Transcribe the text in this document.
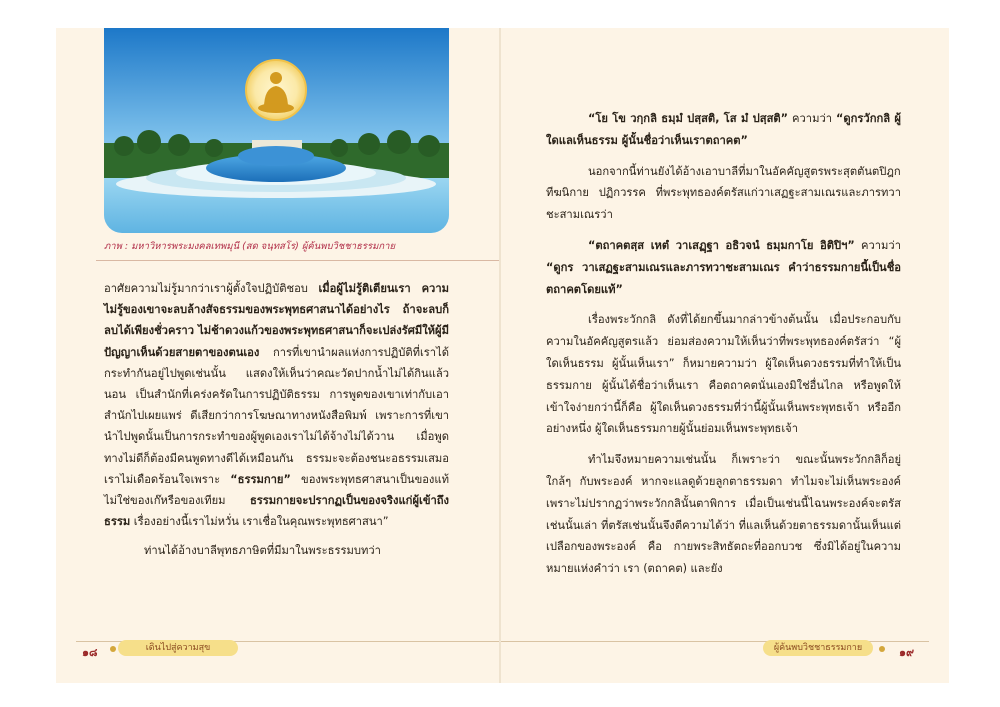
ภาพ : มหาวิหารพระมงคลเทพมุนี (สด จนฺทสโร) ผู้ค้นพบวิชชาธรรมกาย

อาศัยความไม่รู้มากว่าเราผู้ตั้งใจปฏิบัติชอบ เมื่อผู้ไม่รู้ติเตียนเรา ความไม่รู้ของเขาจะลบล้างสัจธรรมของพระพุทธศาสนาได้อย่างไร ถ้าจะลบก็ลบได้เพียงชั่วคราว ไม่ช้าดวงแก้วของพระพุทธศาสนาก็จะเปล่งรัศมีให้ผู้มีปัญญาเห็นด้วยสายตาของตนเอง การที่เขานำผลแห่งการปฏิบัติที่เราได้กระทำกันอยู่ไปพูดเช่นนั้น แสดงให้เห็นว่าคณะวัดปากน้ำไม่ได้กินแล้วนอน เป็นสำนักที่เคร่งครัดในการปฏิบัติธรรม การพูดของเขาเท่ากับเอาสำนักไปเผยแพร่ ดีเสียกว่าการโฆษณาทางหนังสือพิมพ์ เพราะการที่เขานำไปพูดนั้นเป็นการกระทำของผู้พูดเองเราไม่ได้จ้างไม่ได้วาน เมื่อพูดทางไม่ดีก็ต้องมีคนพูดทางดีได้เหมือนกัน ธรรมะจะต้องชนะอธรรมเสมอ เราไม่เดือดร้อนใจเพราะ “ธรรมกาย” ของพระพุทธศาสนาเป็นของแท้ไม่ใช่ของเก๊หรือของเทียม ธรรมกายจะปรากฏเป็นของจริงแก่ผู้เข้าถึงธรรม เรื่องอย่างนี้เราไม่หวั่น เราเชื่อในคุณพระพุทธศาสนา”

ท่านได้อ้างบาลีพุทธภาษิตที่มีมาในพระธรรมบทว่า

๑๘	เดินไปสู่ความสุข

“โย โข วกฺกลิ ธมฺมํ ปสฺสติ, โส มํ ปสฺสติ” ความว่า “ดูกรวักกลิ ผู้ใดแลเห็นธรรม ผู้นั้นชื่อว่าเห็นเราตถาคต”

นอกจากนี้ท่านยังได้อ้างเอาบาลีที่มาในอัคคัญสูตรพระสุตตันตปิฎก ทีฆนิกาย ปฏิกวรรค ที่พระพุทธองค์ตรัสแก่วาเสฏฐะสามเณรและภารทวาชะสามเณรว่า

“ตถาคตสฺส เหตํ วาเสฏฺฐา อธิวจนํ ธมฺมกาโย อิติปิฯ” ความว่า “ดูกร วาเสฏฐะสามเณรและภารทวาชะสามเณร คำว่าธรรมกายนี้เป็นชื่อตถาคตโดยแท้”

เรื่องพระวักกลิ ดังที่ได้ยกขึ้นมากล่าวข้างต้นนั้น เมื่อประกอบกับความในอัคคัญสูตรแล้ว ย่อมส่องความให้เห็นว่าที่พระพุทธองค์ตรัสว่า “ผู้ใดเห็นธรรม ผู้นั้นเห็นเรา” ก็หมายความว่า ผู้ใดเห็นดวงธรรมที่ทำให้เป็นธรรมกาย ผู้นั้นได้ชื่อว่าเห็นเรา คือตถาคตนั่นเองมิใช่อื่นไกล หรือพูดให้เข้าใจง่ายกว่านี้ก็คือ ผู้ใดเห็นดวงธรรมที่ว่านี้ผู้นั้นเห็นพระพุทธเจ้า หรืออีกอย่างหนึ่ง ผู้ใดเห็นธรรมกายผู้นั้นย่อมเห็นพระพุทธเจ้า

ทำไมจึงหมายความเช่นนั้น ก็เพราะว่า ขณะนั้นพระวักกลิก็อยู่ใกล้ๆ กับพระองค์ หากจะแลดูด้วยลูกตาธรรมดา ทำไมจะไม่เห็นพระองค์ เพราะไม่ปรากฏว่าพระวักกลินั้นตาพิการ เมื่อเป็นเช่นนี้ไฉนพระองค์จะตรัสเช่นนั้นเล่า ที่ตรัสเช่นนั้นจึงตีความได้ว่า ที่แลเห็นด้วยตาธรรมดานั้นเห็นแต่เปลือกของพระองค์ คือ กายพระสิทธัตถะที่ออกบวช ซึ่งมิได้อยู่ในความหมายแห่งคำว่า เรา (ตถาคต) และยัง

ผู้ค้นพบวิชชาธรรมกาย	๑๙
